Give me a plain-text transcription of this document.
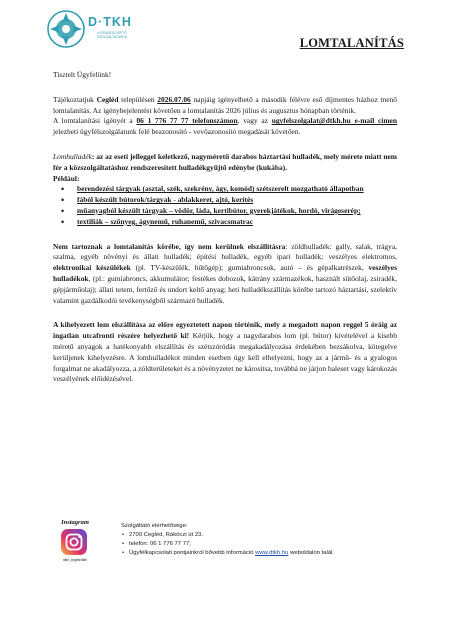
D·TKH
A PENGESZ ÉPÍTŐ SZOLGÁLTATÁSOK	LOMTALANÍTÁS

Tisztelt Ügyfelünk!

Tájékoztatjuk Cegléd településen 2026.07.06 napjáig igényelhető a második félévre eső díjmentes házhoz menő lomtalanítás. Az igénybejelentést követően a lomtalanítás 2026 július és augusztus hónapban történik.

A lomtalanítási igényét a 06 1 776 77 77 telefonszámon, vagy az ugyfelszolgalat@dtkh.hu e-mail címen jelezheti ügyfélszolgálatunk felé beazonosító - vevőazonosító megadását követően.

Lomhulladék: az az eseti jelleggel keletkező, nagyméretű darabos háztartási hulladék, mely mérete miatt nem fér a közszolgáltatáshoz rendszeresített hulladékgyűjtő edénybe (kukába).

Például:

• berendezési tárgyak (asztal, szék, szekrény, ágy, komód) szétszerelt mozgatható állapotban
• fából készült bútorok/tárgyak - ablakkeret, ajtó, kerítés
• műanyagból készült tárgyak – vödör, láda, kertibútor, gyerekjátékok, hordó, virágeserép;
• textiliák – szőnyeg, ágynemű, ruhanemű, szivacsmatrac

Nem tartoznak a lomtalanítás körébe, így nem kerülnek elszállításra: zöldhulladék: gally, salak, trágya, szalma, egyéb növényi és állati hulladék; építési hulladék, egyéb ipari hulladék; veszélyes elektromos, elektronikai készülékek (pl. TV-készülék, hűtőgép); gumiabroncsok, autó – és gépalkatrészek, veszélyes hulladékok, (pl.: gumiabroncs, akkumulátor; festékes dobozok, kátrány származékok, használt sütőolaj, zsiradék, gépjárműolaj); állati tetem, fertőző és undort keltő anyag; heti hulladékszállítás körébe tartozó háztartási, szelektív valamint gazdálkodói tevékenységből származó hulladék.

A kihelyezett lom elszállítása az előre egyeztetett napon történik, mely a megadott napon reggel 5 óráig az ingatlan utcafronti részére helyezhető ki! Kérjük, hogy a nagydarabos lom (pl. bútor) kivételével a kisebb méretű anyagok a hatékonyabb elszállítás és szétszóródás megakadályozása érdekében bezsákolva, kötegelve kerüljenek kihelyezésre. A lomhulladékot minden esetben úgy kell elhelyezni, hogy az a jármű- és a gyalogos forgalmat ne akadályozza, a zöldterületeket és a növényzetet ne károsítsa, továbbá ne járjon baleset vagy károkozás veszélyének előidézésével.

Instagram
dtkh_cegled/dtkh
Szolgáltató elérhetősége:
• 2700 Cegléd, Rákóczi út 23.
• telefon: 06 1 776 77 77;
• Ügyfélkapcsolati pontjainkról bővebb információ www.dtkh.hu weboldalon talál.
